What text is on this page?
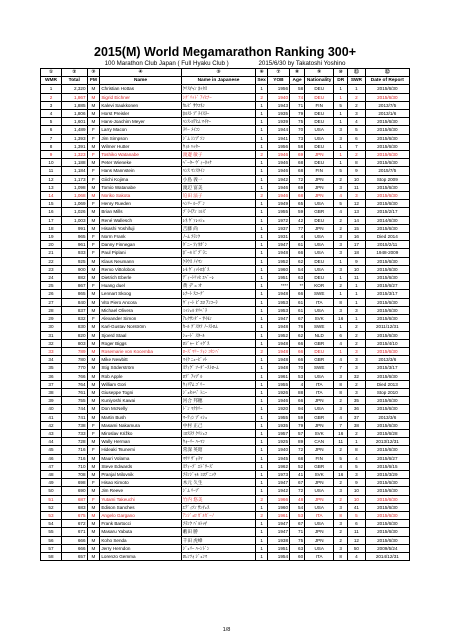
2015(M) World Megamarathon Ranking 300+
100 Marathon Club Japan ( Full Hyaku Club )	2015/6/30 by Takatoshi Yoshino
①	②	③	④	⑤	⑥	⑦	⑧	⑨	⑩	⑪	⑫
WMR	Total	FM	Name	Name in Japanese	Sex	YOB	Age	Nationality	DR	SWR	Date of Report
1	2,320	M	Christian Hottas	ｸﾘｽﾁｬﾝ ﾎｯﾀｽ	1	1956	58	DEU	1	1	2015/6/30
2	1,867	M	Sigrid Eichner	ｼｸﾞﾘｯﾄﾞ ｱｲﾋﾅｰ	2	1940	74	DEU	1	2	2015/6/30
3	1,885	M	Kalevi Saukkonen	ｶﾚﾋﾞ ｻｳｺﾈﾝ	1	1943	71	FIN	5	2	2013/7/5
4	1,806	M	Horst Preisler	ﾎﾙｽﾄ ﾌﾟﾗｲｽﾗｰ	1	1935	79	DEU	1	3	2013/1/6
5	1,601	M	Hans-Joachim Meyer	ﾊﾝｽ-ﾖｱﾋﾑ ﾏｲﾔｰ	1	1939	75	DEU	1	4	2015/6/30
6	1,489	F	Larry Macon	ﾗﾘｰ ﾒｲｺﾝ	1	1944	70	USA	3	5	2015/6/30
7	1,393	F	Jim Simpson	ｼﾞﾑ ｼﾝﾌﾟｿﾝ	1	1941	73	USA	3	6	2015/6/30
8	1,391	M	Wilmer Hutter	ｳｨﾙ ﾊｯﾀｰ	1	1956	58	DEU	1	7	2015/6/30
9	1,323	F	Toshiko Watanabe	渡邊 敏子	2	1946	69	JPN	1	2	2015/6/30
10	1,188	M	Peter Wieneke	ﾍﾟｰﾀｰ ｳﾞｨｰﾈｯｹ	1	1946	68	DEU	1	8	2015/6/30
11	1,184	F	Hans Mannstein	ﾊﾝｽ ﾏﾝｽﾀｲﾝ	1	1946	68	FIN	5	9	2015/7/5
12	1,173	F	Giichi Kojima	小島 義一	1	1942	72	JPN	2	10	Stop 2009
13	1,098	M	Tomio Watanabe	渡辺 富美	1	1946	69	JPN	3	11	2015/6/30
14	1,068	M	Noriko Sakota	迫田 法子	2	1946	68	JPN	4	3	2015/6/30
15	1,069	F	Henry Rueden	ﾍﾝﾘｰ ﾙｰﾃﾞﾝ	1	1949	65	USA	5	12	2015/6/30
16	1,026	M	Brian Mills	ﾌﾞﾗｲｱﾝ ﾐﾙｽﾞ	1	1955	59	GBR	4	13	2015/2/17
17	1,003	M	René Wallesch	ﾚﾈ ｳﾞｧﾚｯｼｭ	1	1972	42	DEU	2	14	2014/6/30
18	991	M	Hisashi Yoshifuji	吉藤 尚	1	1937	77	JPN	2	15	2015/6/30
19	965	F	Norm Frank	ﾉｰﾑ ﾌﾗﾝｸ	1	1931	4	USA	3	16	Died 2014
20	961	F	Danny Finnegan	ﾀﾞﾆｰ ﾌｨﾈｶﾞﾝ	1	1947	61	USA	3	17	2015/2/11
21	933	F	Paul Piplani	ﾎﾟｰﾙ ﾋﾟﾌﾟﾗﾆ	1	1948	66	USA	3	18	1948-2009
22	925	M	Klaus Neumann	ｸﾗｳｽ ﾉｲﾏﾝ	1	1952	62	DEU	1	9	2015/6/30
23	900	M	Remo Vittolobos	ﾚﾓ ｳﾞｨｯﾄﾛﾎﾞｽ	1	1960	54	USA	3	10	2015/6/30
24	882	M	Dietrich Eberle	ﾃﾞｨｰﾄﾘｯﾋ ｴﾍﾞｰﾚ	1	1951	63	DEU	1	11	2015/6/30
25	867	F	Huang duel	黄 デュオ	1	****	**	KOR	2	1	2015/6/27
26	865	M	Lennart Skoog	ﾚﾅｰﾄ ｽｺｰｸﾞ	1	1948	66	SWE	1	1	2015/3/17
27	840	M	Vito Piero Ancora	ｳﾞｨｰﾄ ﾋﾟｴﾛ ｱﾝｺｰﾗ	1	1953	61	ITA	8	1	2015/6/30
28	837	M	Michael Olivera	ﾐｯｼｪﾙ ｵﾘﾍﾞﾗ	1	1953	61	USA	3	3	2015/6/30
29	832	F	Alexander Simon	ｱﾚｸｻﾝﾀﾞｰ ｻｲﾓﾝ	1	1947	67	SVK	16	1	2015/6/30
30	830	M	Karl-Gustav Norström	ｶｰﾙ ｸﾞｽﾀﾌ ﾉｰｽﾄﾛﾑ	1	1948	76	SWE	1	2	2011/12/31
31	820	M	Sjoerd Staal	ｼｭｰﾄﾞ ｽﾀｰﾙ	1	1952	62	NLD	6	2	2015/6/30
32	803	M	Roger Biggs	ﾛｼﾞｬｰ ﾋﾞｯｸﾞｽ	1	1948	66	GBR	4	2	2015/4/10
33	789	M	Rosemarie von Kocemba	ﾛｰｽﾞﾏﾘｰ ﾌｫﾝ ｺｾﾝﾊﾞ	2	1948	66	DEU	1	3	2015/6/30
34	780	M	Mike Newbitt	ﾏｲｸ ﾆｭｰﾋﾞｯﾄ	1	1948	66	GBR	4	3	2013/3/6
35	770	M	Stig Söderström	ｽﾃｨｸﾞ ｿｰﾀﾞｰｽﾄﾛｰﾑ	1	1948	70	SWE	7	3	2015/3/17
36	766	M	Rob Apple	ﾛﾌﾞ ｱｯﾌﾟﾙ	1	1961	53	USA	3	32	2015/6/30
37	764	M	William Gori	ｳｨﾘｱﾑ ｺﾞﾘｰ	1	1955	4	ITA	8	2	Died 2013
38	761	M	Giuseppe Togni	ｼﾞｭｾｯﾍﾟ ﾄﾆｰ	1	1926	88	ITA	8	3	Stop 2010
39	755	M	Kuniyoshi Kawai	河合 邦穂	1	1946	66	JPN	2	35	2015/6/30
40	744	M	Don McNelly	ﾄﾞﾝ ﾏｸﾈﾘｰ	1	1920	94	USA	3	36	2015/6/30
41	741	M	Martin Bush	ﾏｰﾃｨﾝ ﾌﾞｯｼｭ	1	1955	59	GBR	4	37	2013/3/6
42	738	F	Masami Nakamura	中村 正己	1	1935	79	JPN	7	38	2015/6/30
43	733	F	Miroslav Križko	ﾐﾛｽﾗﾌ ｸﾘｼｭｺ	1	1957	57	SVK	16	2	2015/6/28
44	728	M	Wally Herman	ｳｫｰﾘｰ ﾊｰﾏﾝ	1	1925	89	CAN	11	1	2013/12/31
45	716	F	Hideaki Tsunemi	常深 英昭	1	1940	72	JPN	2	8	2015/6/30
46	716	M	Mauri Volama	ﾏｳﾘ ｳﾞｫﾗﾏ	1	1945	68	FIN	5	4	2015/6/27
47	710	M	Steve Edwards	ｽﾃｨｰﾌﾞ ｴﾄﾞﾜｰｽﾞ	1	1962	52	GBR	4	5	2015/6/15
48	708	M	Pranjal Milovnik	ﾌﾗﾝｼﾞｬﾙ ﾐﾛﾌﾞﾆｯｸ	1	1973	41	SVK	16	3	2015/3/29
49	698	F	Hisao Kimoto	木元 久生	1	1947	67	JPN	2	9	2015/6/30
50	690	M	Jim Reeve	ｼﾞﾑ ﾘｰﾌﾞ	1	1942	72	USA	3	10	2015/6/30
51	687	F	Yutami Takeuchi	竹内 悠美	2	1966	48	JPN	2	10	2015/6/30
52	683	M	Edison Sanches	ｴﾃﾞｨｿﾝ ｻﾝﾁｪｽ	1	1960	54	USA	3	41	2015/6/30
53	675	M	Angelo Gargano	ｱﾝｼﾞｪﾛ ｶﾞﾙｶﾞｰﾉ	2	1961	53	ITA	8	5	2015/6/30
54	672	M	Frank Bartocci	ﾌﾗﾝｸ ﾊﾞﾙﾄｯﾁ	1	1947	67	USA	3	6	2015/6/30
55	671	M	Masaru Yabuta	藪田 勝	1	1947	71	JPN	2	11	2015/6/30
56	666	M	Koho Senda	千田 虎峰	1	1938	75	JPN	2	12	2015/6/30
57	666	M	Jerry Herndon	ｼﾞｪﾘｰ ﾊｰﾝﾄﾞﾝ	1	1951	63	USA	3	50	2009/5/24
58	657	M	Lorenzo Gemma	ﾛﾚﾝﾂｫ ｼﾞｪﾝﾏ	1	1954	60	ITA	8	4	2014/12/31
1/8
